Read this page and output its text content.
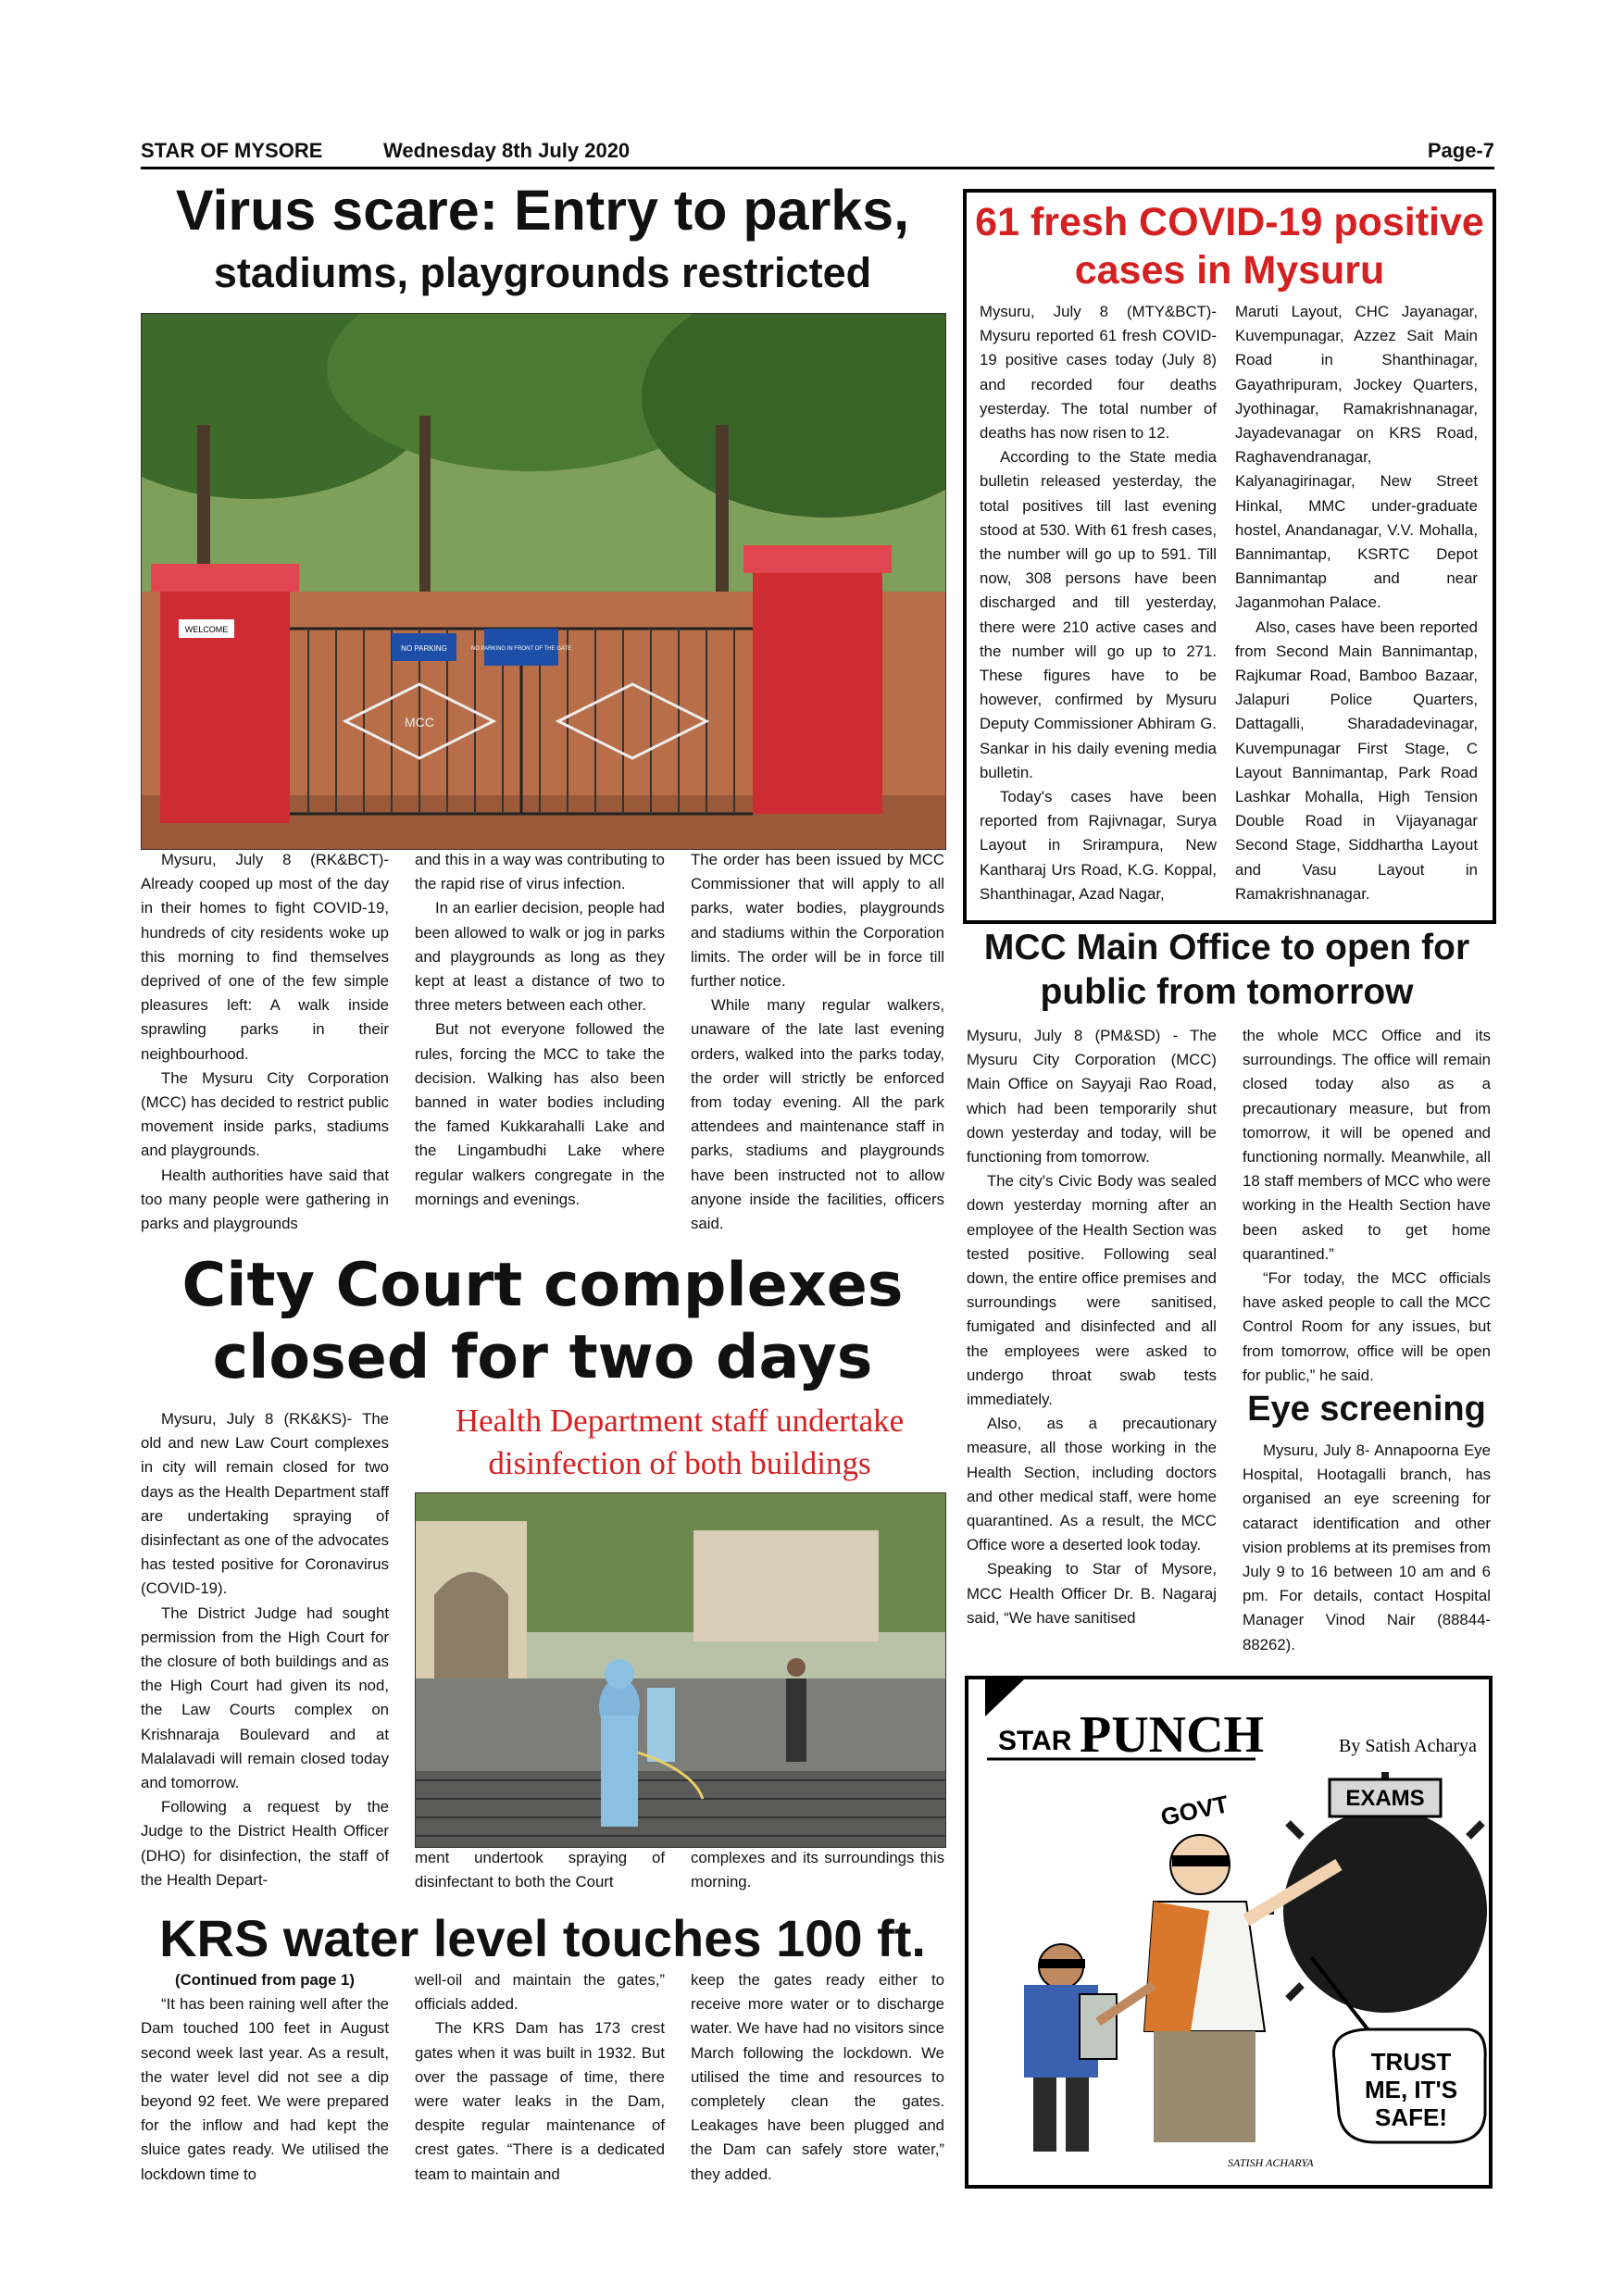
STAR OF MYSORE	Wednesday 8th July 2020	Page-7
Virus scare: Entry to parks,
stadiums, playgrounds restricted
NO PARKING	NO PARKING IN FRONT OF THE GATE
MCC
WELCOME

Mysuru, July 8 (RK&BCT)- Already cooped up most of the day in their homes to fight COVID-19, hundreds of city residents woke up this morning to find themselves deprived of one of the few simple pleasures left: A walk inside sprawling parks in their neighbourhood.

The Mysuru City Corporation (MCC) has decided to restrict public movement inside parks, stadiums and playgrounds.

Health authorities have said that too many people were gathering in parks and playgrounds

and this in a way was contributing to the rapid rise of virus infection.

In an earlier decision, people had been allowed to walk or jog in parks and playgrounds as long as they kept at least a distance of two to three meters between each other.

But not everyone followed the rules, forcing the MCC to take the decision. Walking has also been banned in water bodies including the famed Kukkarahalli Lake and the Lingambudhi Lake where regular walkers congregate in the mornings and evenings.

The order has been issued by MCC Commissioner that will apply to all parks, water bodies, playgrounds and stadiums within the Corporation limits. The order will be in force till further notice.

While many regular walkers, unaware of the late last evening orders, walked into the parks today, the order will strictly be enforced from today evening. All the park attendees and maintenance staff in parks, stadiums and playgrounds have been instructed not to allow anyone inside the facilities, officers said.

61 fresh COVID-19 positive
cases in Mysuru

Mysuru, July 8 (MTY&BCT)- Mysuru reported 61 fresh COVID-19 positive cases today (July 8) and recorded four deaths yesterday. The total number of deaths has now risen to 12.

According to the State media bulletin released yesterday, the total positives till last evening stood at 530. With 61 fresh cases, the number will go up to 591. Till now, 308 persons have been discharged and till yesterday, there were 210 active cases and the number will go up to 271. These figures have to be however, confirmed by Mysuru Deputy Commissioner Abhiram G. Sankar in his daily evening media bulletin.

Today's cases have been reported from Rajivnagar, Surya Layout in Srirampura, New Kantharaj Urs Road, K.G. Koppal, Shanthinagar, Azad Nagar,

Maruti Layout, CHC Jayanagar, Kuvempunagar, Azzez Sait Main Road in Shanthinagar, Gayathripuram, Jockey Quarters, Jyothinagar, Ramakrishnanagar, Jayadevanagar on KRS Road, Raghavendranagar, Kalyanagirinagar, New Street Hinkal, MMC under-graduate hostel, Anandanagar, V.V. Mohalla, Bannimantap, KSRTC Depot Bannimantap and near Jaganmohan Palace.

Also, cases have been reported from Second Main Bannimantap, Rajkumar Road, Bamboo Bazaar, Jalapuri Police Quarters, Dattagalli, Sharadadevinagar, Kuvempunagar First Stage, C Layout Bannimantap, Park Road Lashkar Mohalla, High Tension Double Road in Vijayanagar Second Stage, Siddhartha Layout and Vasu Layout in Ramakrishnanagar.

MCC Main Office to open for
public from tomorrow

Mysuru, July 8 (PM&SD) - The Mysuru City Corporation (MCC) Main Office on Sayyaji Rao Road, which had been temporarily shut down yesterday and today, will be functioning from tomorrow.

The city's Civic Body was sealed down yesterday morning after an employee of the Health Section was tested positive. Following seal down, the entire office premises and surroundings were sanitised, fumigated and disinfected and all the employees were asked to undergo throat swab tests immediately.

Also, as a precautionary measure, all those working in the Health Section, including doctors and other medical staff, were home quarantined. As a result, the MCC Office wore a deserted look today.

Speaking to Star of Mysore, MCC Health Officer Dr. B. Nagaraj said, “We have sanitised

the whole MCC Office and its surroundings. The office will remain closed today also as a precautionary measure, but from tomorrow, it will be opened and functioning normally. Meanwhile, all 18 staff members of MCC who were working in the Health Section have been asked to get home quarantined.”

“For today, the MCC officials have asked people to call the MCC Control Room for any issues, but from tomorrow, office will be open for public,” he said.

Eye screening

Mysuru, July 8- Annapoorna Eye Hospital, Hootagalli branch, has organised an eye screening for cataract identification and other vision problems at its premises from July 9 to 16 between 10 am and 6 pm. For details, contact Hospital Manager Vinod Nair (88844-88262).

City Court complexes
closed for two days

Mysuru, July 8 (RK&KS)- The old and new Law Court complexes in city will remain closed for two days as the Health Department staff are undertaking spraying of disinfectant as one of the advocates has tested positive for Coronavirus (COVID-19).

The District Judge had sought permission from the High Court for the closure of both buildings and as the High Court had given its nod, the Law Courts complex on Krishnaraja Boulevard and at Malalavadi will remain closed today and tomorrow.

Following a request by the Judge to the District Health Officer (DHO) for disinfection, the staff of the Health Depart-

Health Department staff undertake
disinfection of both buildings

ment undertook spraying of disinfectant to both the Court

complexes and its surroundings this morning.

KRS water level touches 100 ft.

(Continued from page 1)

“It has been raining well after the Dam touched 100 feet in August second week last year. As a result, the water level did not see a dip beyond 92 feet. We were prepared for the inflow and had kept the sluice gates ready. We utilised the lockdown time to

well-oil and maintain the gates,” officials added.

The KRS Dam has 173 crest gates when it was built in 1932. But over the passage of time, there were water leaks in the Dam, despite regular maintenance of crest gates. “There is a dedicated team to maintain and

keep the gates ready either to receive more water or to discharge water. We have had no visitors since March following the lockdown. We utilised the time and resources to completely clean the gates. Leakages have been plugged and the Dam can safely store water,” they added.

STAR PUNCH	By Satish Acharya
EXAMS
GOVT
TRUST
ME, IT'S
SAFE!
SATISH ACHARYA
